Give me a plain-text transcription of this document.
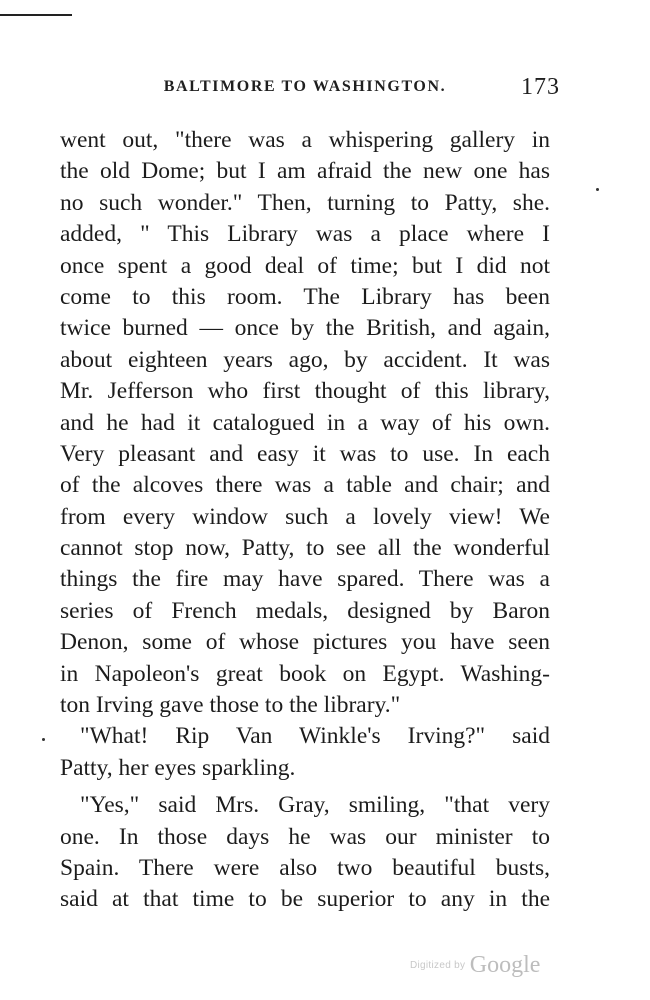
BALTIMORE TO WASHINGTON.	173
went out, "there was a whispering gallery in
the old Dome; but I am afraid the new one has
no such wonder." Then, turning to Patty, she.
added, " This Library was a place where I
once spent a good deal of time; but I did not
come to this room. The Library has been
twice burned — once by the British, and again,
about eighteen years ago, by accident. It was
Mr. Jefferson who first thought of this library,
and he had it catalogued in a way of his own.
Very pleasant and easy it was to use. In each
of the alcoves there was a table and chair; and
from every window such a lovely view! We
cannot stop now, Patty, to see all the wonderful
things the fire may have spared. There was a
series of French medals, designed by Baron
Denon, some of whose pictures you have seen
in Napoleon's great book on Egypt. Washing-
ton Irving gave those to the library."
"What! Rip Van Winkle's Irving?" said
Patty, her eyes sparkling.
"Yes," said Mrs. Gray, smiling, "that very
one. In those days he was our minister to
Spain. There were also two beautiful busts,
said at that time to be superior to any in the
Digitized by Google
